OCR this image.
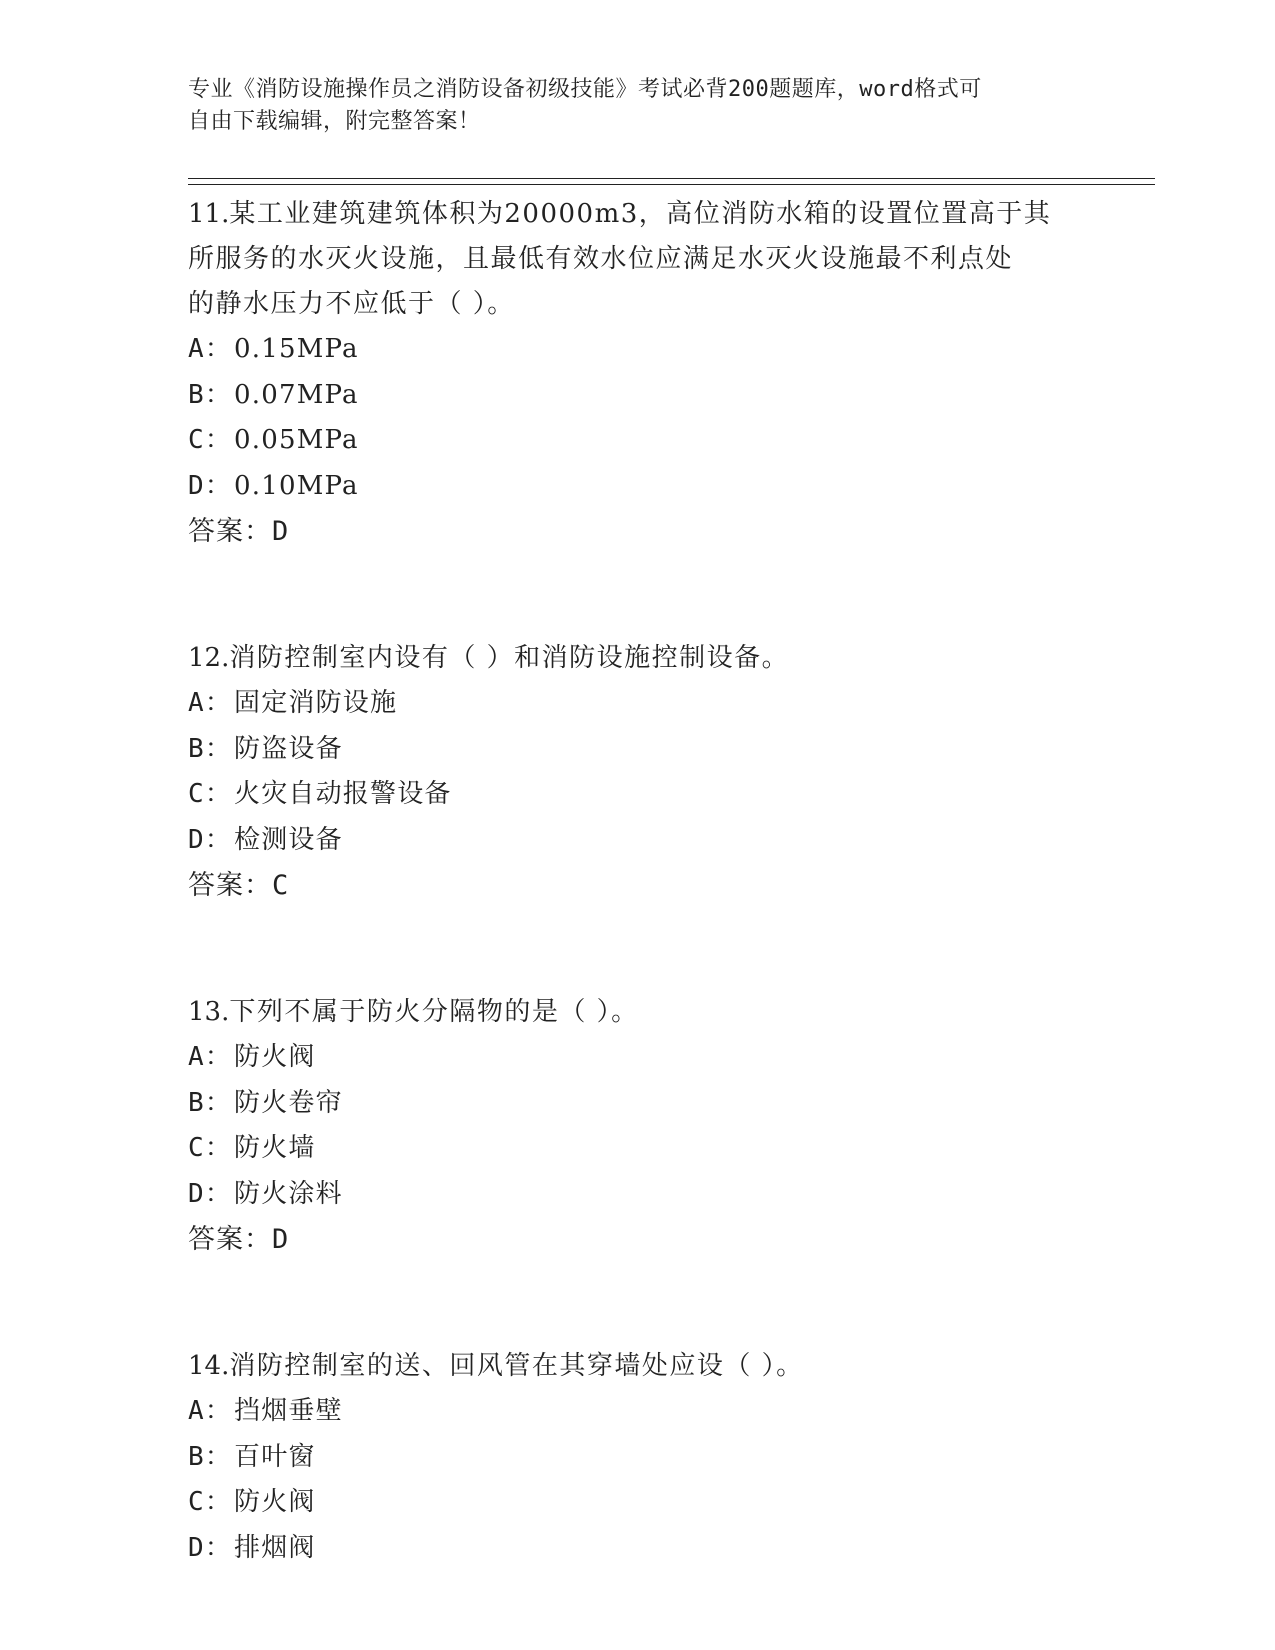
专业《消防设施操作员之消防设备初级技能》考试必背200题题库，word格式可

自由下载编辑，附完整答案！

11.某工业建筑建筑体积为20000m3，高位消防水箱的设置位置高于其

所服务的水灭火设施，且最低有效水位应满足水灭火设施最不利点处

的静水压力不应低于（ ）。

A： 0.15MPa
B： 0.07MPa
C： 0.05MPa
D： 0.10MPa

答案：D

12.消防控制室内设有（ ）和消防设施控制设备。

A： 固定消防设施
B： 防盗设备
C： 火灾自动报警设备
D： 检测设备

答案：C

13.下列不属于防火分隔物的是（ ）。

A： 防火阀
B： 防火卷帘
C： 防火墙
D： 防火涂料

答案：D

14.消防控制室的送、回风管在其穿墙处应设（ ）。

A： 挡烟垂壁
B： 百叶窗
C： 防火阀
D： 排烟阀
